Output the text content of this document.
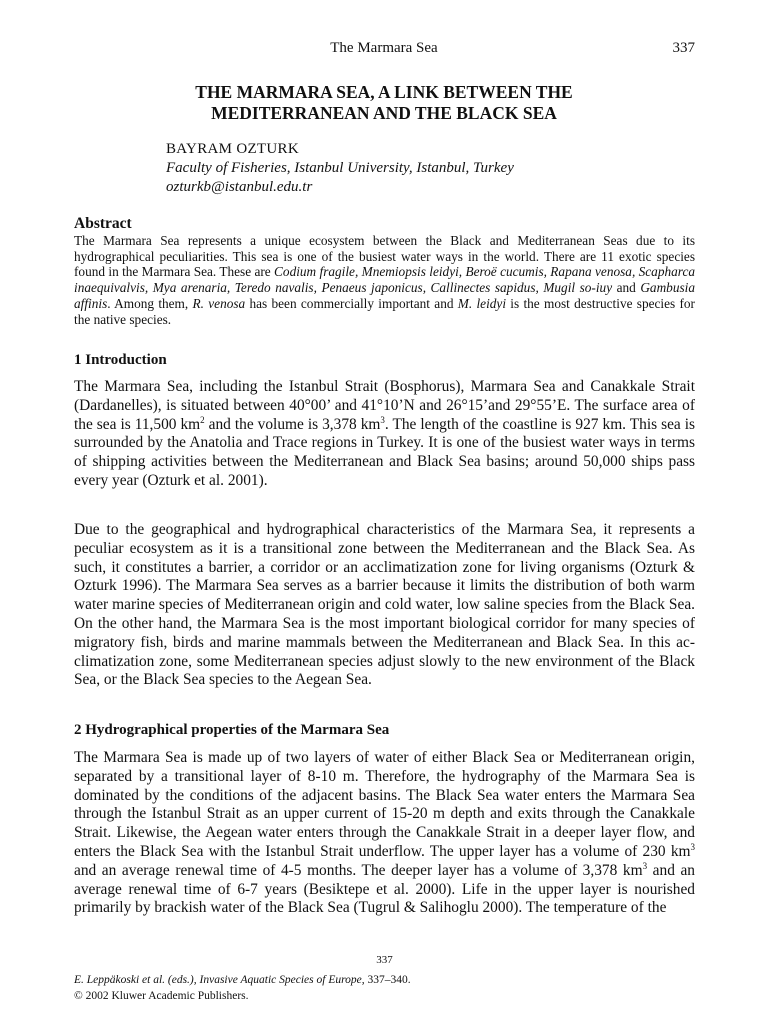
The Marmara Sea	337
THE MARMARA SEA, A LINK BETWEEN THE
MEDITERRANEAN AND THE BLACK SEA
BAYRAM OZTURK
Faculty of Fisheries, Istanbul University, Istanbul, Turkey
ozturkb@istanbul.edu.tr
Abstract

The Marmara Sea represents a unique ecosystem between the Black and Mediterranean Seas due to its hydrographical peculiarities. This sea is one of the busiest water ways in the world. There are 11 exotic species found in the Marmara Sea. These are Codium fragile, Mnemiopsis leidyi, Beroë cucumis, Rapana venosa, Scapharca inaequivalvis, Mya arenaria, Teredo navalis, Penaeus japonicus, Callinectes sapidus, Mugil so-iuy and Gambusia affinis. Among them, R. venosa has been commercially important and M. leidyi is the most destructive species for the native species.

1 Introduction

The Marmara Sea, including the Istanbul Strait (Bosphorus), Marmara Sea and Canakkale Strait (Dardanelles), is situated between 40°00’ and 41°10’N and 26°15’and 29°55’E. The surface area of the sea is 11,500 $km^2$ and the volume is 3,378 $km^3$. The length of the coastline is 927 km. This sea is surrounded by the Anatolia and Trace regions in Turkey. It is one of the busiest water ways in terms of shipping activities between the Mediterranean and Black Sea basins; around 50,000 ships pass every year (Ozturk et al. 2001).

Due to the geographical and hydrographical characteristics of the Marmara Sea, it represents a peculiar ecosystem as it is a transitional zone between the Mediterranean and the Black Sea. As such, it constitutes a barrier, a corridor or an acclimatization zone for living organisms (Ozturk & Ozturk 1996). The Marmara Sea serves as a barrier because it limits the distribution of both warm water marine species of Mediterranean origin and cold water, low saline species from the Black Sea. On the other hand, the Marmara Sea is the most important biological corridor for many species of migratory fish, birds and marine mammals between the Mediterranean and Black Sea. In this acclimatization zone, some Mediterranean species adjust slowly to the new environment of the Black Sea, or the Black Sea species to the Aegean Sea.

2 Hydrographical properties of the Marmara Sea

The Marmara Sea is made up of two layers of water of either Black Sea or Mediterranean origin, separated by a transitional layer of 8-10 m. Therefore, the hydrography of the Marmara Sea is dominated by the conditions of the adjacent basins. The Black Sea water enters the Marmara Sea through the Istanbul Strait as an upper current of 15-20 m depth and exits through the Canakkale Strait. Likewise, the Aegean water enters through the Canakkale Strait in a deeper layer flow, and enters the Black Sea with the Istanbul Strait underflow. The upper layer has a volume of 230 $km^3$ and an average renewal time of 4-5 months. The deeper layer has a volume of 3,378 $km^3$ and an average renewal time of 6-7 years (Besiktepe et al. 2000). Life in the upper layer is nourished primarily by brackish water of the Black Sea (Tugrul & Salihoglu 2000). The temperature of the

337
E. Leppäkoski et al. (eds.), Invasive Aquatic Species of Europe, 337–340.
© 2002 Kluwer Academic Publishers.
